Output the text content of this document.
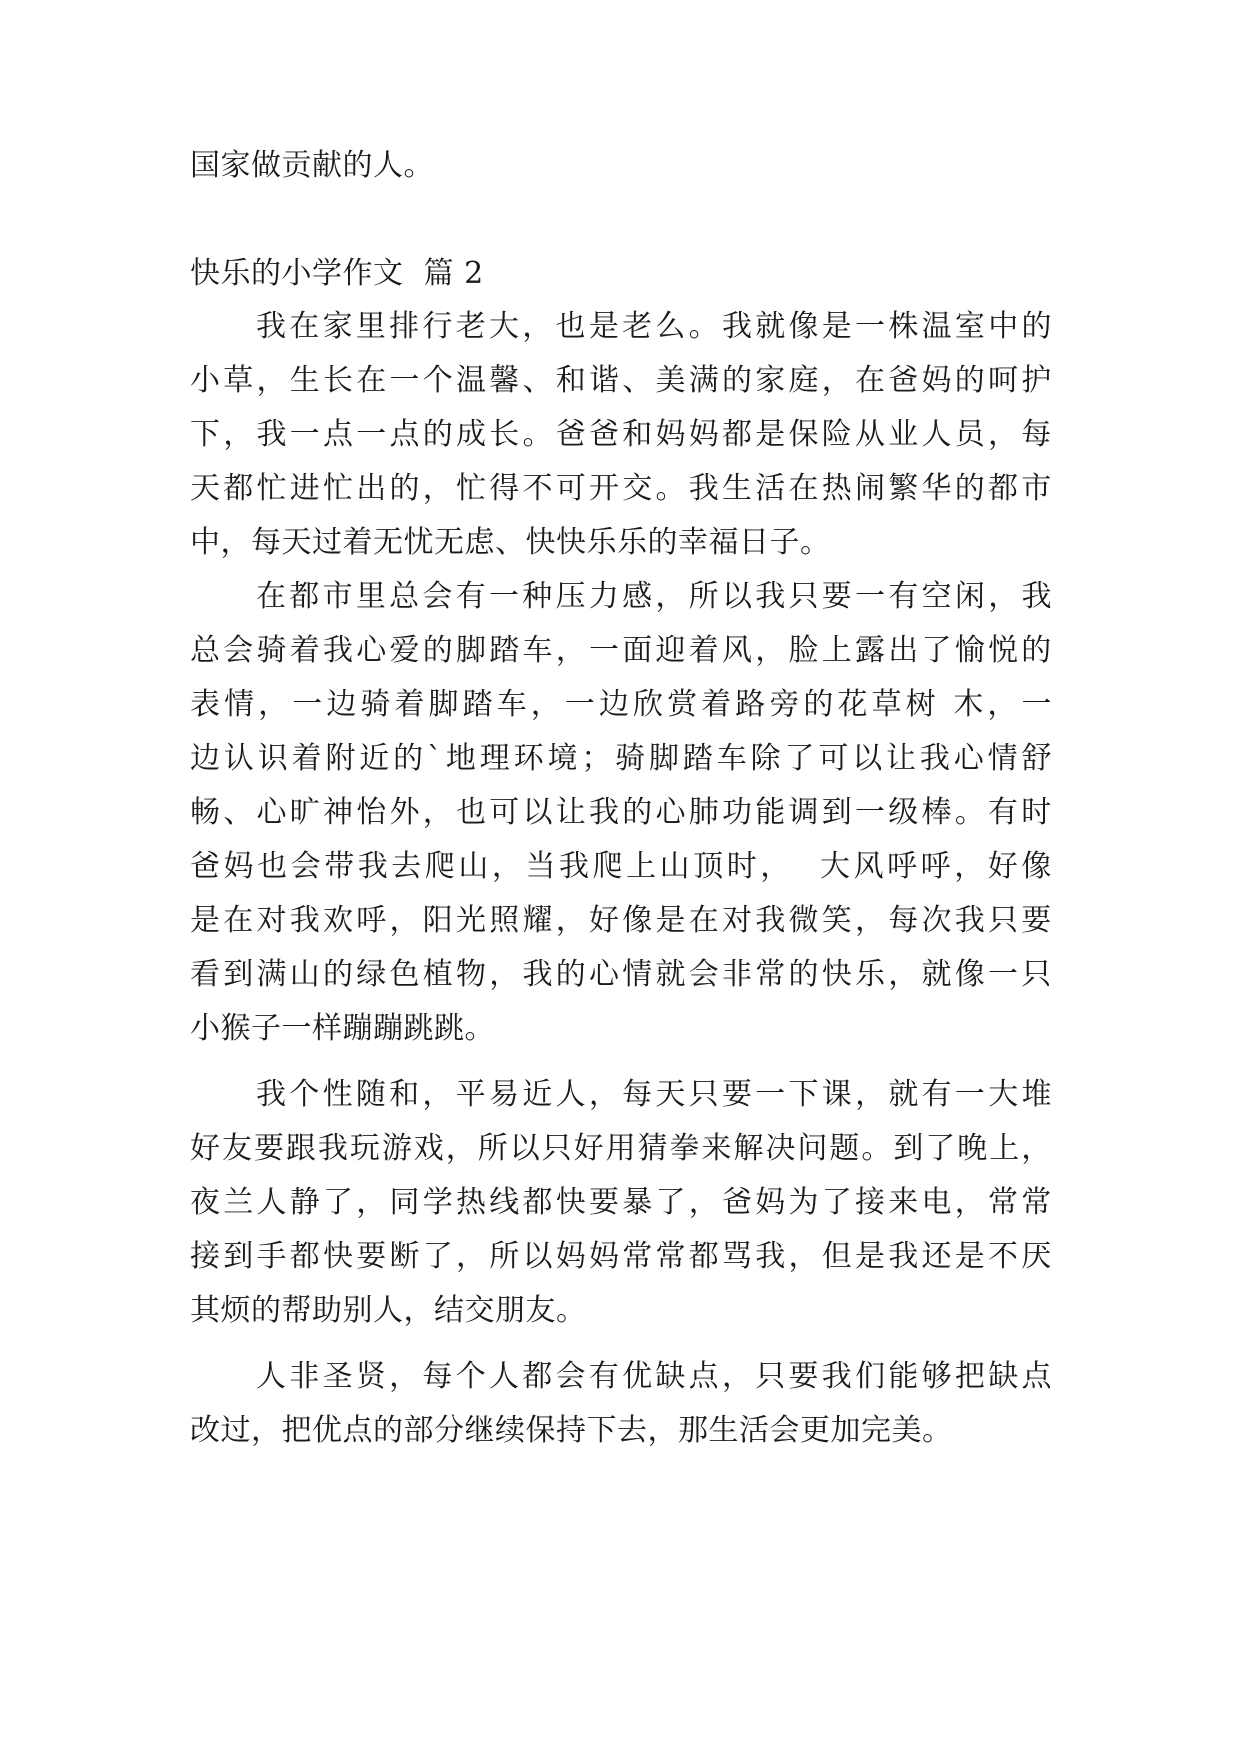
国家做贡献的人。
快乐的小学作文  篇 2
我 在 家 里 排 行 老 大 ， 也 是 老 么 。 我 就 像 是 一 株 温 室 中 的
小 草 ， 生 长 在 一 个 温 馨 、 和 谐 、 美 满 的 家 庭 ， 在 爸 妈 的 呵 护
下 ， 我 一 点 一 点 的 成 长 。 爸 爸 和 妈 妈 都 是 保 险 从 业 人 员 ， 每
天 都 忙 进 忙 出 的 ， 忙 得 不 可 开 交 。 我 生 活 在 热 闹 繁 华 的 都 市
中，每天过着无忧无虑、快快乐乐的幸福日子。
在 都 市 里 总 会 有 一 种 压 力 感 ， 所 以 我 只 要 一 有 空 闲 ， 我
总 会 骑 着 我 心 爱 的 脚 踏 车 ， 一 面 迎 着 风 ， 脸 上 露 出 了 愉 悦 的
表 情 ， 一 边 骑 着 脚 踏 车 ， 一 边 欣 赏 着 路 旁 的 花 草 树
木 ， 一
边 认 识 着 附 近 的 ` 地 理 环 境 ； 骑 脚 踏 车 除 了 可 以 让 我 心 情 舒
畅 、 心 旷 神 怡 外 ， 也 可 以 让 我 的 心 肺 功 能 调 到 一 级 棒 。 有 时
爸 妈 也 会 带 我 去 爬 山 ， 当 我 爬 上 山 顶 时 ，

大 风 呼 呼 ， 好 像
是 在 对 我 欢 呼 ， 阳 光 照 耀 ， 好 像 是 在 对 我 微 笑 ， 每 次 我 只 要
看 到 满 山 的 绿 色 植 物 ， 我 的 心 情 就 会 非 常 的 快 乐 ， 就 像 一 只
小猴子一样蹦蹦跳跳。
我 个 性 随 和 ， 平 易 近 人 ， 每 天 只 要 一 下 课 ， 就 有 一 大 堆
好 友 要 跟 我 玩 游 戏 ， 所 以 只 好 用 猜 拳 来 解 决 问 题 。 到 了 晚 上 ，
夜 兰 人 静 了 ， 同 学 热 线 都 快 要 暴 了 ， 爸 妈 为 了 接 来 电 ， 常 常
接 到 手 都 快 要 断 了 ， 所 以 妈 妈 常 常 都 骂 我 ， 但 是 我 还 是 不 厌
其烦的帮助别人，结交朋友。
人 非 圣 贤 ， 每 个 人 都 会 有 优 缺 点 ， 只 要 我 们 能 够 把 缺 点
改过，把优点的部分继续保持下去，那生活会更加完美。
